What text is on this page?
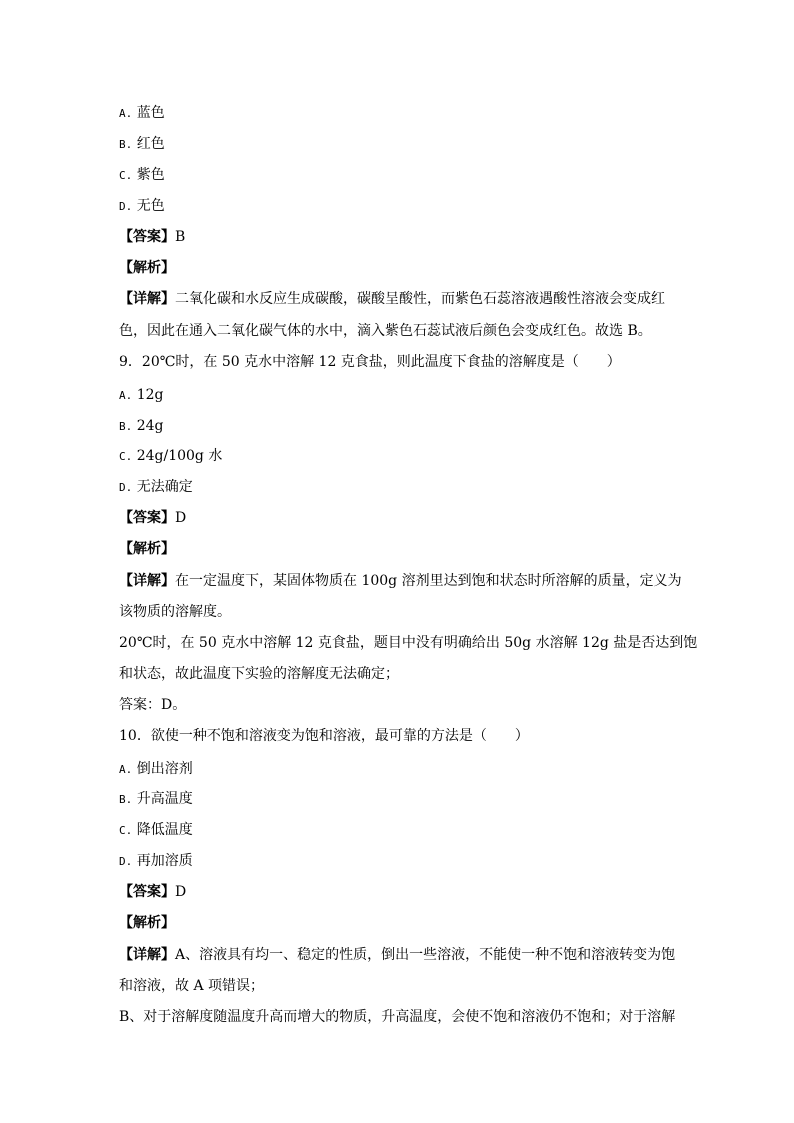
A. 蓝色
B. 红色
C. 紫色
D. 无色
【答案】B
【解析】
【详解】二氧化碳和水反应生成碳酸，碳酸呈酸性，而紫色石蕊溶液遇酸性溶液会变成红
色，因此在通入二氧化碳气体的水中，滴入紫色石蕊试液后颜色会变成红色。故选 B。
9．20℃时，在 50 克水中溶解 12 克食盐，则此温度下食盐的溶解度是（　　）
A. 12g
B. 24g
C. 24g/100g 水
D. 无法确定
【答案】D
【解析】
【详解】在一定温度下，某固体物质在 100g 溶剂里达到饱和状态时所溶解的质量，定义为
该物质的溶解度。
20℃时，在 50 克水中溶解 12 克食盐，题目中没有明确给出 50g 水溶解 12g 盐是否达到饱
和状态，故此温度下实验的溶解度无法确定；
答案：D。
10．欲使一种不饱和溶液变为饱和溶液，最可靠的方法是（　　）
A. 倒出溶剂
B. 升高温度
C. 降低温度
D. 再加溶质
【答案】D
【解析】
【详解】A、溶液具有均一、稳定的性质，倒出一些溶液，不能使一种不饱和溶液转变为饱
和溶液，故 A 项错误；
B、对于溶解度随温度升高而增大的物质，升高温度，会使不饱和溶液仍不饱和；对于溶解
